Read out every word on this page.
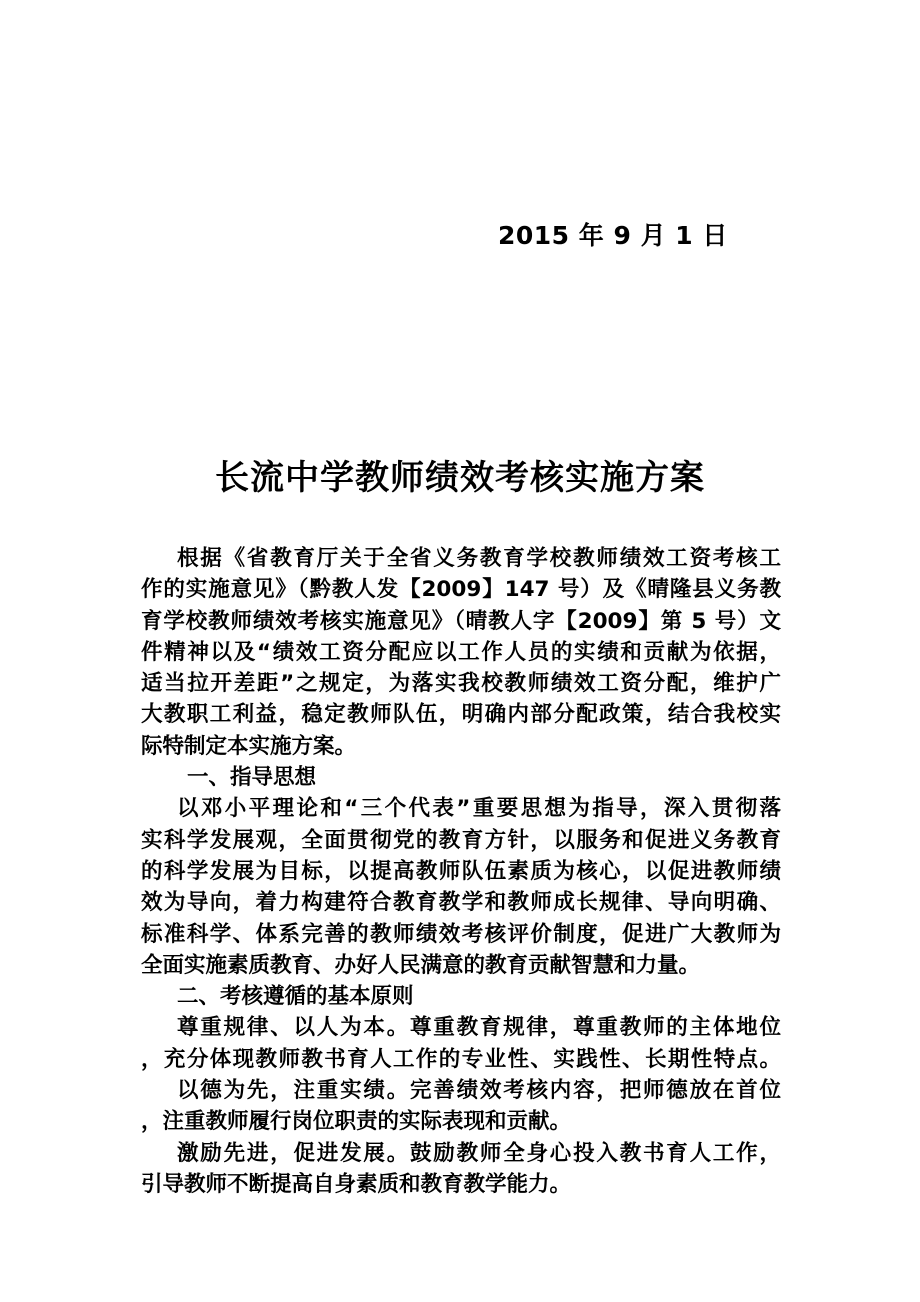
2015 年 9 月 1 日
长流中学教师绩效考核实施方案
根据《省教育厅关于全省义务教育学校教师绩效工资考核工
作的实施意见》（黔教人发【2009】147 号）及《晴隆县义务教
育学校教师绩效考核实施意见》（晴教人字【2009】第 5 号）文
件精神以及“绩效工资分配应以工作人员的实绩和贡献为依据，
适当拉开差距”之规定，为落实我校教师绩效工资分配，维护广
大教职工利益，稳定教师队伍，明确内部分配政策，结合我校实
际特制定本实施方案。
一、指导思想
以邓小平理论和“三个代表”重要思想为指导，深入贯彻落
实科学发展观，全面贯彻党的教育方针，以服务和促进义务教育
的科学发展为目标，以提高教师队伍素质为核心，以促进教师绩
效为导向，着力构建符合教育教学和教师成长规律、导向明确、
标准科学、体系完善的教师绩效考核评价制度，促进广大教师为
全面实施素质教育、办好人民满意的教育贡献智慧和力量。
二、考核遵循的基本原则
尊重规律、以人为本。尊重教育规律，尊重教师的主体地位
，充分体现教师教书育人工作的专业性、实践性、长期性特点。
以德为先，注重实绩。完善绩效考核内容，把师德放在首位
，注重教师履行岗位职责的实际表现和贡献。
激励先进，促进发展。鼓励教师全身心投入教书育人工作，
引导教师不断提高自身素质和教育教学能力。
